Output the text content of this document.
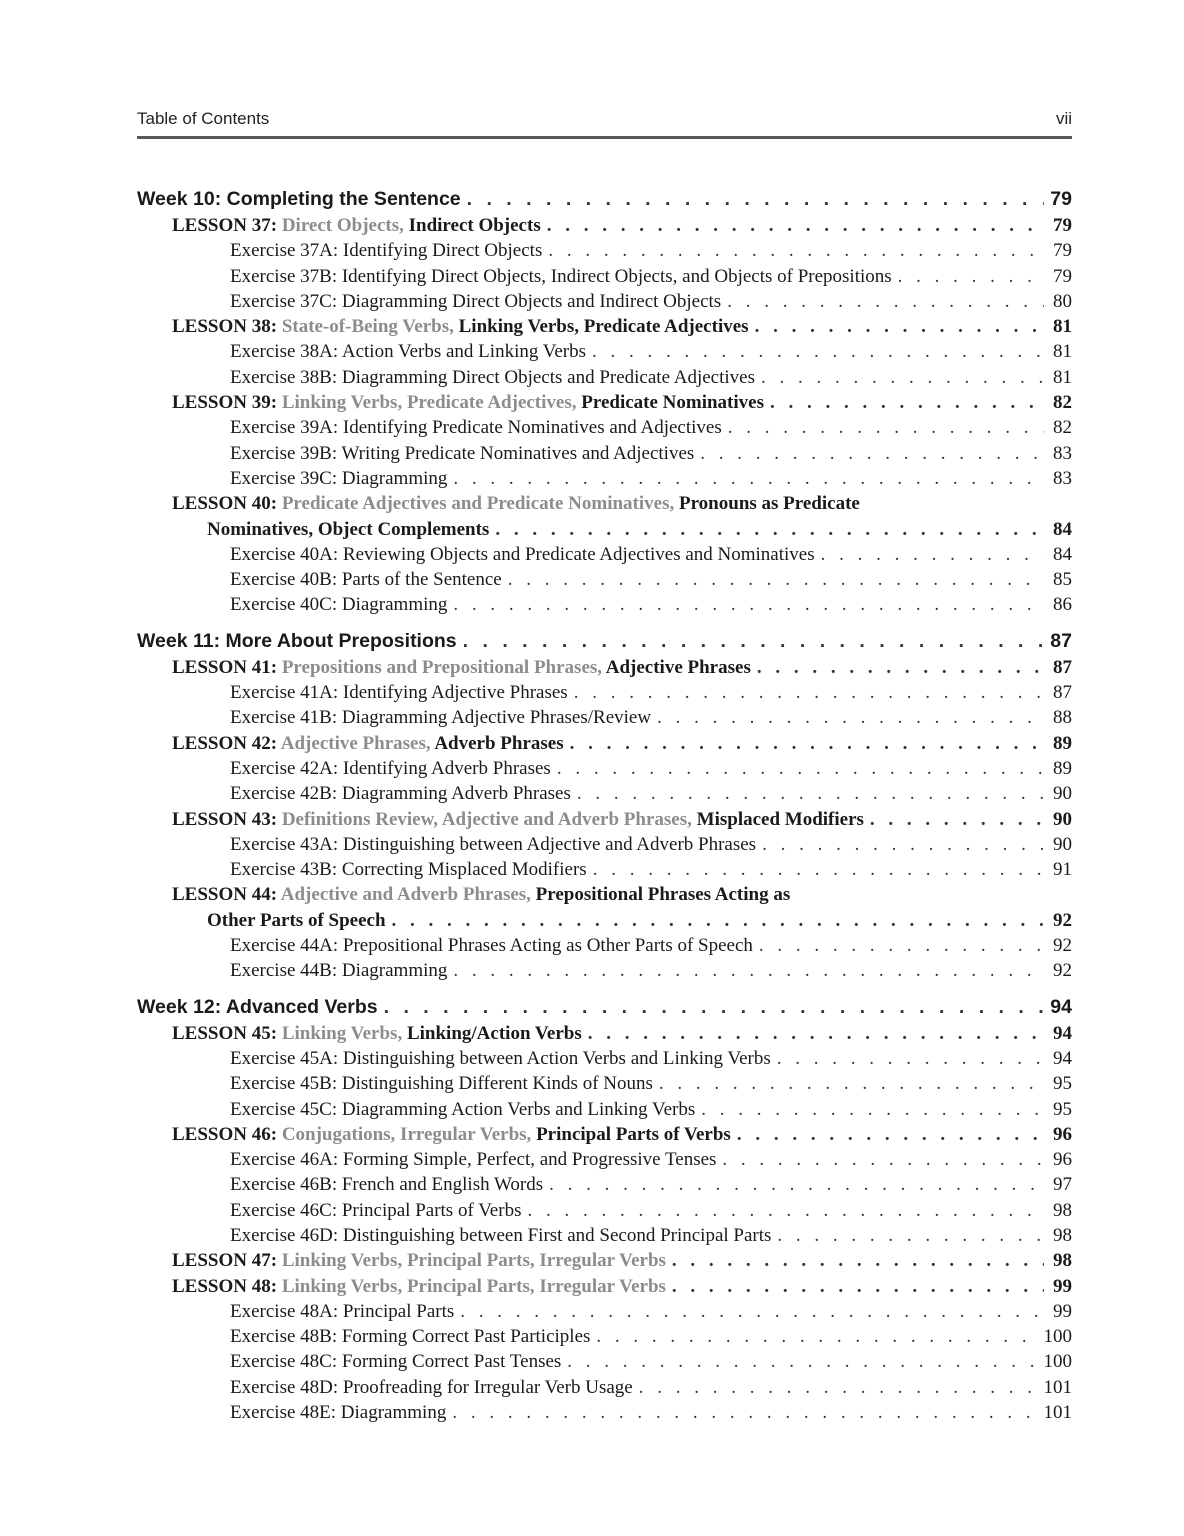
Table of Contents	vii
Week 10: Completing the Sentence . . .	79
LESSON 37: Direct Objects, Indirect Objects . . .	79
Exercise 37A: Identifying Direct Objects . . .	79
Exercise 37B: Identifying Direct Objects, Indirect Objects, and Objects of Prepositions . . .	79
Exercise 37C: Diagramming Direct Objects and Indirect Objects . . .	80
LESSON 38: State-of-Being Verbs, Linking Verbs, Predicate Adjectives . . .	81
Exercise 38A: Action Verbs and Linking Verbs . . .	81
Exercise 38B: Diagramming Direct Objects and Predicate Adjectives . . .	81
LESSON 39: Linking Verbs, Predicate Adjectives, Predicate Nominatives . . .	82
Exercise 39A: Identifying Predicate Nominatives and Adjectives . . .	82
Exercise 39B: Writing Predicate Nominatives and Adjectives . . .	83
Exercise 39C: Diagramming . . .	83
LESSON 40: Predicate Adjectives and Predicate Nominatives, Pronouns as Predicate
Nominatives, Object Complements . . .	84
Exercise 40A: Reviewing Objects and Predicate Adjectives and Nominatives . . .	84
Exercise 40B: Parts of the Sentence . . .	85
Exercise 40C: Diagramming . . .	86
Week 11: More About Prepositions . . .	87
LESSON 41: Prepositions and Prepositional Phrases, Adjective Phrases . . .	87
Exercise 41A: Identifying Adjective Phrases . . .	87
Exercise 41B: Diagramming Adjective Phrases/Review . . .	88
LESSON 42: Adjective Phrases, Adverb Phrases . . .	89
Exercise 42A: Identifying Adverb Phrases . . .	89
Exercise 42B: Diagramming Adverb Phrases . . .	90
LESSON 43: Definitions Review, Adjective and Adverb Phrases, Misplaced Modifiers . . .	90
Exercise 43A: Distinguishing between Adjective and Adverb Phrases . . .	90
Exercise 43B: Correcting Misplaced Modifiers . . .	91
LESSON 44: Adjective and Adverb Phrases, Prepositional Phrases Acting as
Other Parts of Speech . . .	92
Exercise 44A: Prepositional Phrases Acting as Other Parts of Speech . . .	92
Exercise 44B: Diagramming . . .	92
Week 12: Advanced Verbs . . .	94
LESSON 45: Linking Verbs, Linking/Action Verbs . . .	94
Exercise 45A: Distinguishing between Action Verbs and Linking Verbs . . .	94
Exercise 45B: Distinguishing Different Kinds of Nouns . . .	95
Exercise 45C: Diagramming Action Verbs and Linking Verbs . . .	95
LESSON 46: Conjugations, Irregular Verbs, Principal Parts of Verbs . . .	96
Exercise 46A: Forming Simple, Perfect, and Progressive Tenses . . .	96
Exercise 46B: French and English Words . . .	97
Exercise 46C: Principal Parts of Verbs . . .	98
Exercise 46D: Distinguishing between First and Second Principal Parts . . .	98
LESSON 47: Linking Verbs, Principal Parts, Irregular Verbs . . .	98
LESSON 48: Linking Verbs, Principal Parts, Irregular Verbs . . .	99
Exercise 48A: Principal Parts . . .	99
Exercise 48B: Forming Correct Past Participles . . .	100
Exercise 48C: Forming Correct Past Tenses . . .	100
Exercise 48D: Proofreading for Irregular Verb Usage . . .	101
Exercise 48E: Diagramming . . .	101
